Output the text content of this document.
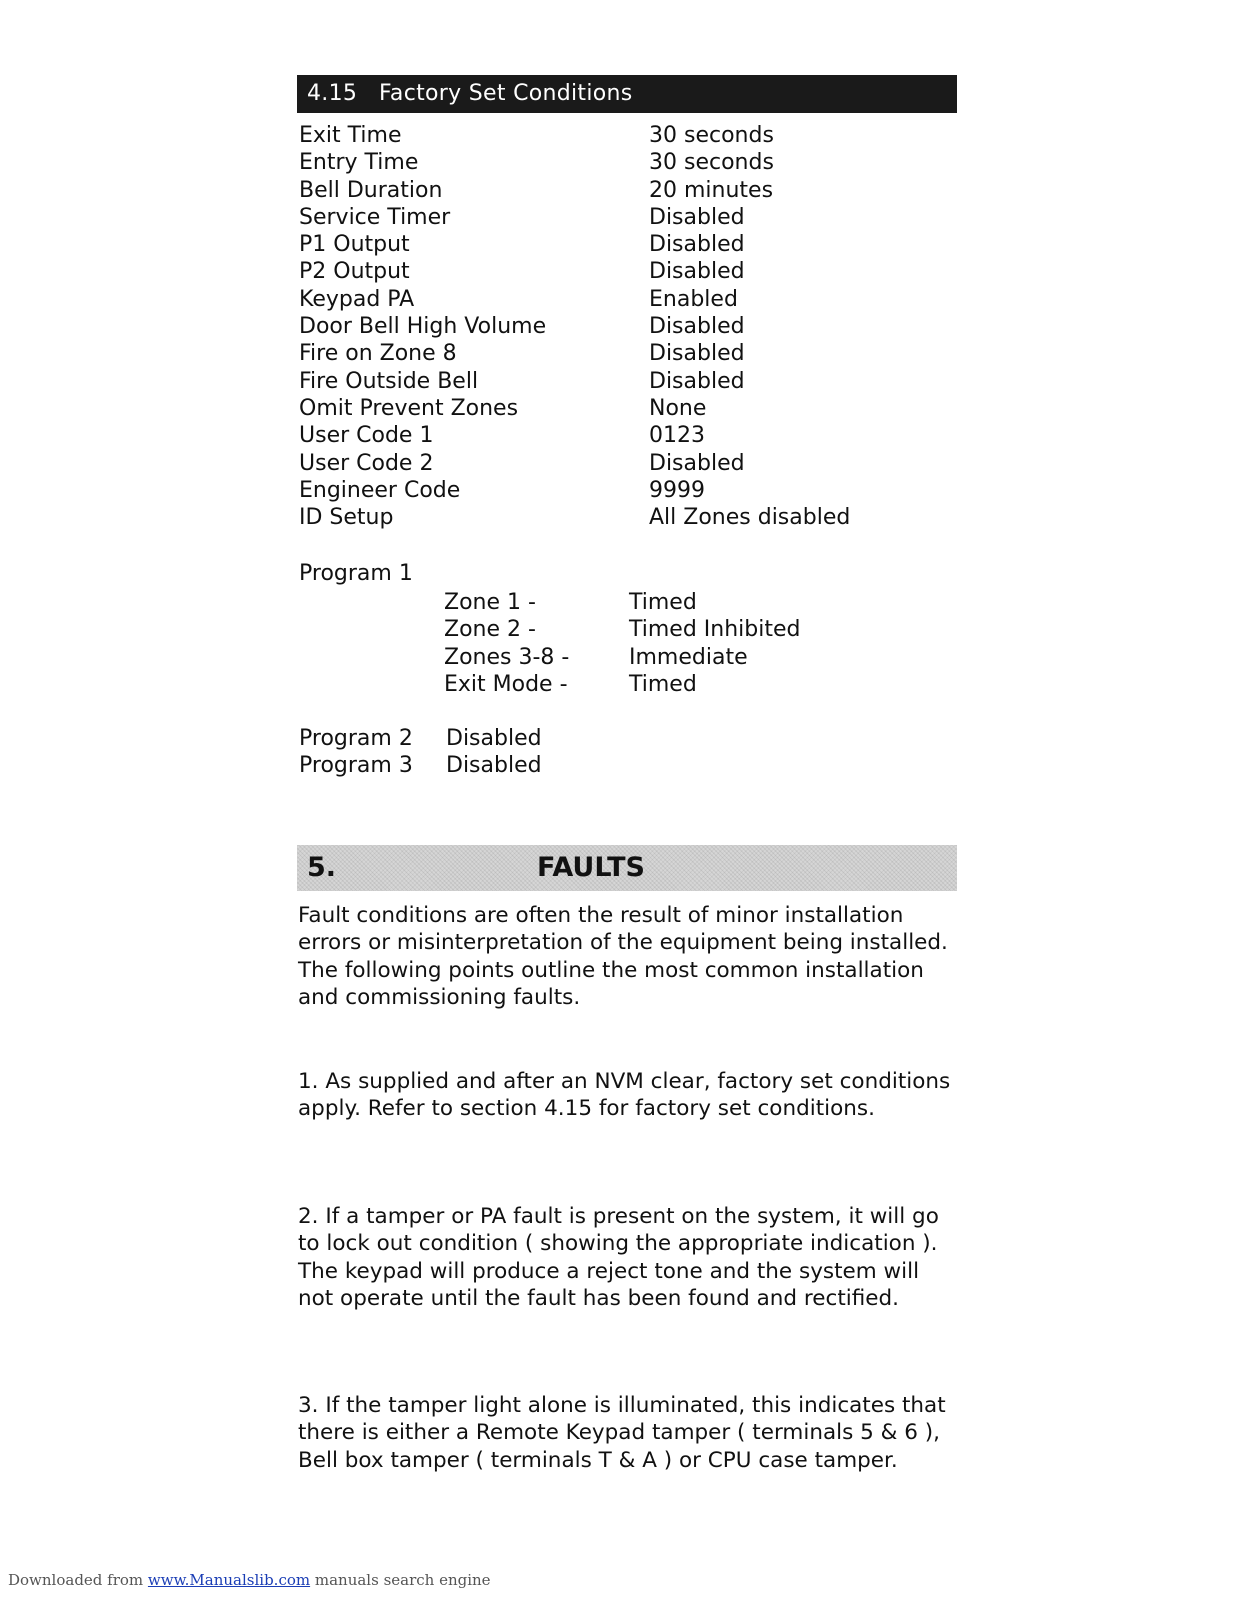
4.15 Factory Set Conditions
Exit Time	30 seconds
Entry Time	30 seconds
Bell Duration	20 minutes
Service Timer	Disabled
P1 Output	Disabled
P2 Output	Disabled
Keypad PA	Enabled
Door Bell High Volume	Disabled
Fire on Zone 8	Disabled
Fire Outside Bell	Disabled
Omit Prevent Zones	None
User Code 1	0123
User Code 2	Disabled
Engineer Code	9999
ID Setup	All Zones disabled
Program 1
Zone 1 -	Timed
Zone 2 -	Timed Inhibited
Zones 3-8 -	Immediate
Exit Mode -	Timed
Program 2 Disabled
Program 3 Disabled
5.	FAULTS

Fault conditions are often the result of minor installation errors or misinterpretation of the equipment being installed. The following points outline the most common installation and commissioning faults.

1. As supplied and after an NVM clear, factory set conditions apply. Refer to section 4.15 for factory set conditions.

2. If a tamper or PA fault is present on the system, it will go to lock out condition ( showing the appropriate indication ). The keypad will produce a reject tone and the system will not operate until the fault has been found and rectified.

3. If the tamper light alone is illuminated, this indicates that there is either a Remote Keypad tamper ( terminals 5 & 6 ), Bell box tamper ( terminals T & A ) or CPU case tamper.

Downloaded from www.Manualslib.com manuals search engine
